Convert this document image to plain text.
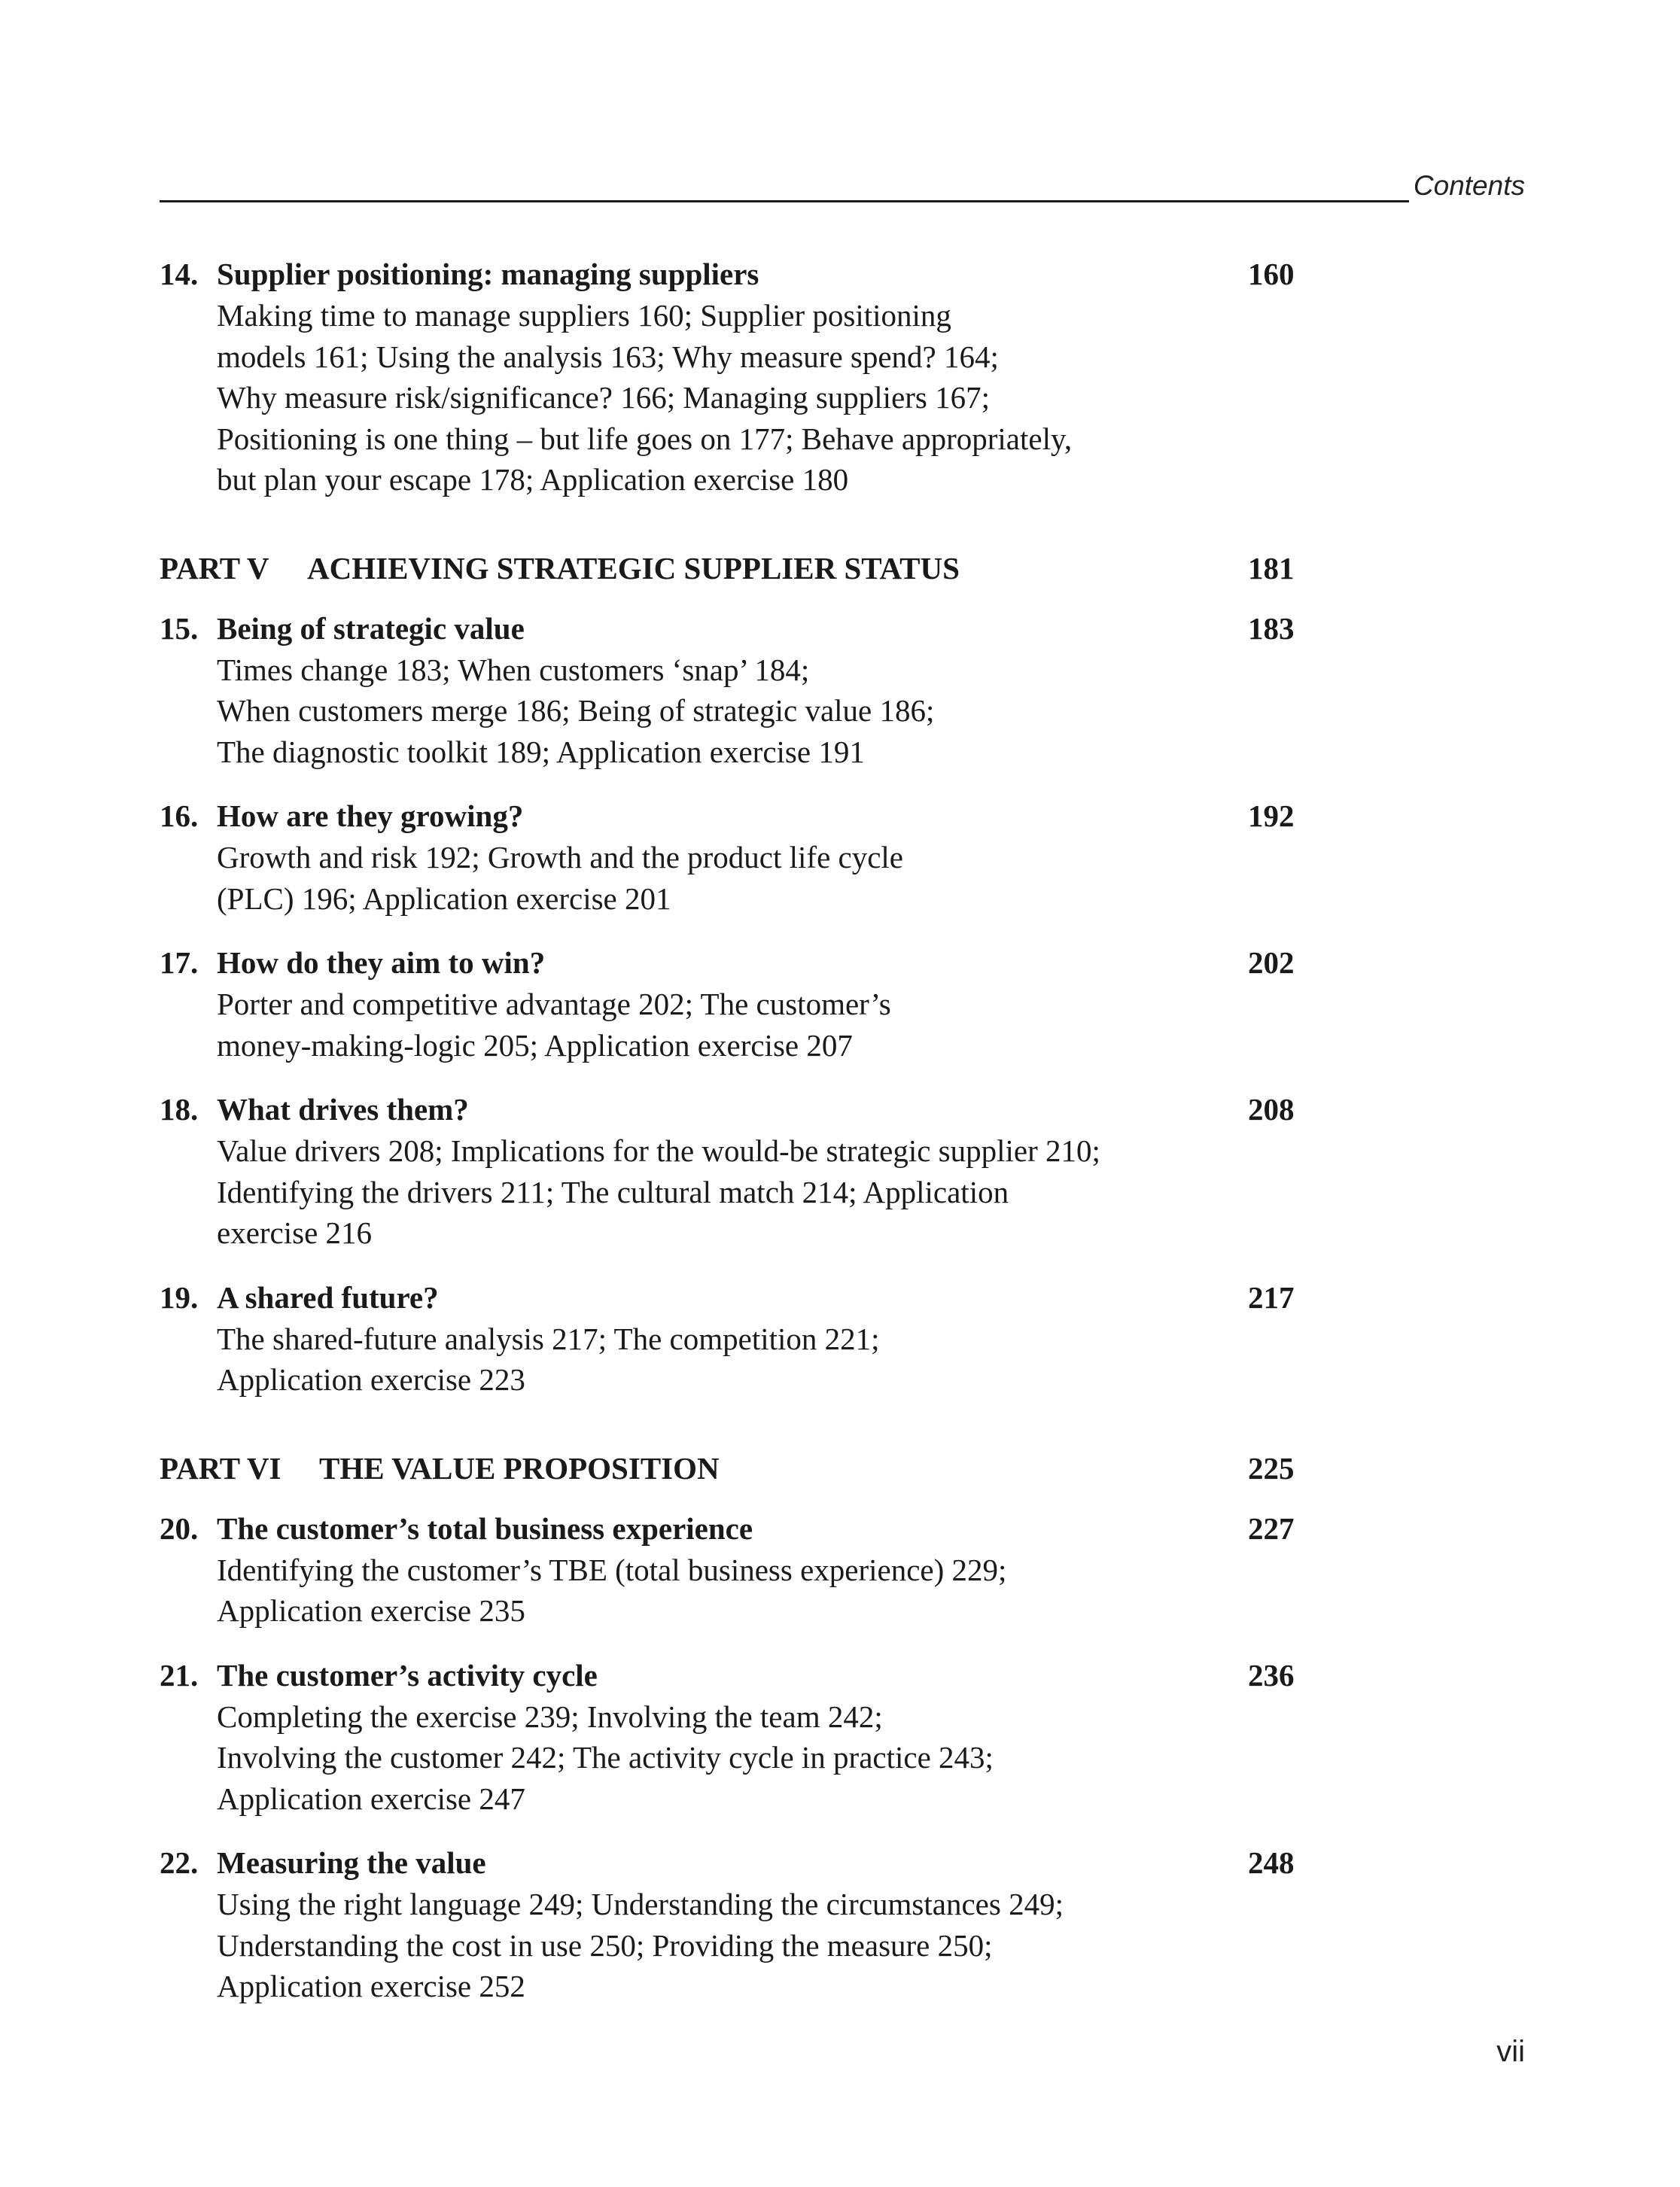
Contents
14. Supplier positioning: managing suppliers	160
Making time to manage suppliers 160; Supplier positioning
models 161; Using the analysis 163; Why measure spend? 164;
Why measure risk/significance? 166; Managing suppliers 167;
Positioning is one thing – but life goes on 177; Behave appropriately,
but plan your escape 178; Application exercise 180
PART V ACHIEVING STRATEGIC SUPPLIER STATUS	181
15. Being of strategic value	183
Times change 183; When customers ‘snap’ 184;
When customers merge 186; Being of strategic value 186;
The diagnostic toolkit 189; Application exercise 191
16. How are they growing?	192
Growth and risk 192; Growth and the product life cycle
(PLC) 196; Application exercise 201
17. How do they aim to win?	202
Porter and competitive advantage 202; The customer’s
money-making-logic 205; Application exercise 207
18. What drives them?	208
Value drivers 208; Implications for the would-be strategic supplier 210;
Identifying the drivers 211; The cultural match 214; Application
exercise 216
19. A shared future?	217
The shared-future analysis 217; The competition 221;
Application exercise 223
PART VI THE VALUE PROPOSITION	225
20. The customer’s total business experience	227
Identifying the customer’s TBE (total business experience) 229;
Application exercise 235
21. The customer’s activity cycle	236
Completing the exercise 239; Involving the team 242;
Involving the customer 242; The activity cycle in practice 243;
Application exercise 247
22. Measuring the value	248
Using the right language 249; Understanding the circumstances 249;
Understanding the cost in use 250; Providing the measure 250;
Application exercise 252
vii
